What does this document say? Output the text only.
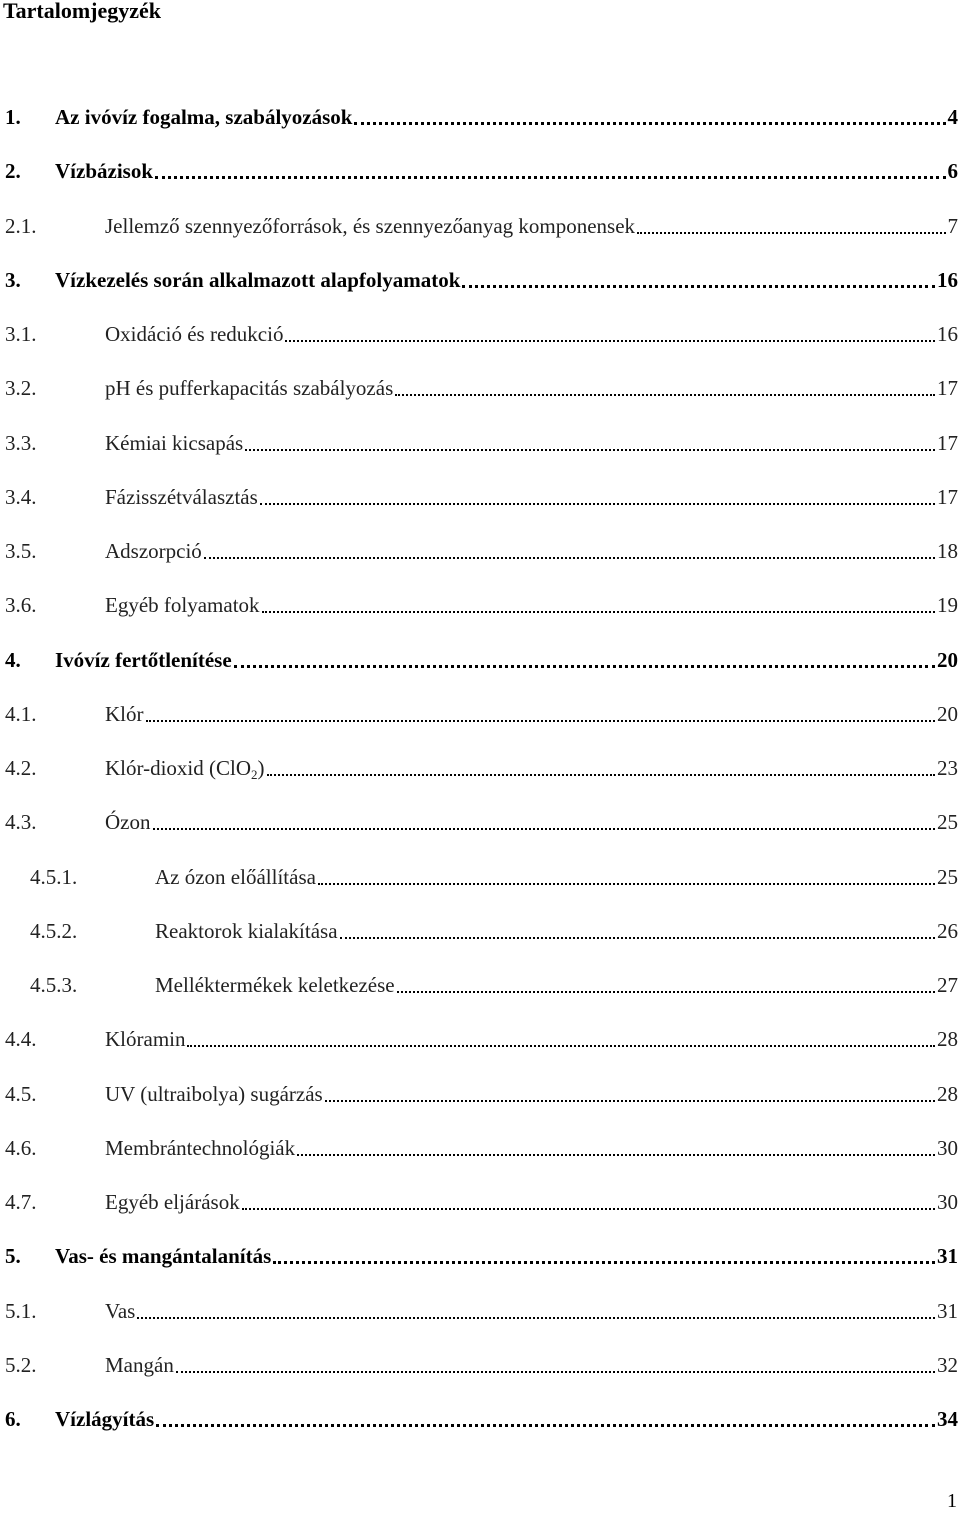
Tartalomjegyzék
1.	Az ivóvíz fogalma, szabályozások	4
2.	Vízbázisok	6
2.1.	Jellemző szennyezőforrások, és szennyezőanyag komponensek	7
3.	Vízkezelés során alkalmazott alapfolyamatok	16
3.1.	Oxidáció és redukció	16
3.2.	pH és pufferkapacitás szabályozás	17
3.3.	Kémiai kicsapás	17
3.4.	Fázisszétválasztás	17
3.5.	Adszorpció	18
3.6.	Egyéb folyamatok	19
4.	Ivóvíz fertőtlenítése	20
4.1.	Klór	20
4.2.	Klór-dioxid (ClO$_2$)	23
4.3.	Ózon	25
4.5.1.	Az ózon előállítása	25
4.5.2.	Reaktorok kialakítása	26
4.5.3.	Melléktermékek keletkezése	27
4.4.	Klóramin	28
4.5.	UV (ultraibolya) sugárzás	28
4.6.	Membrántechnológiák	30
4.7.	Egyéb eljárások	30
5.	Vas- és mangántalanítás	31
5.1.	Vas	31
5.2.	Mangán	32
6.	Vízlágyítás	34
1
